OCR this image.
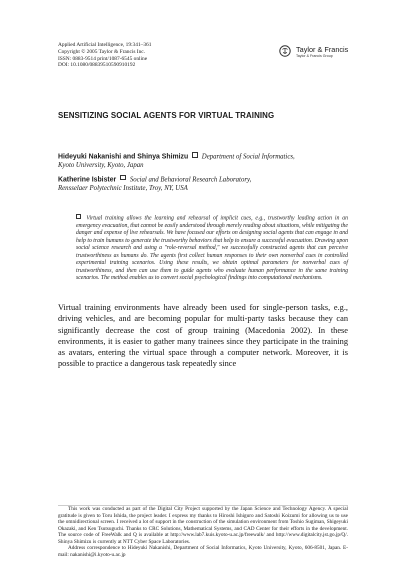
Applied Artificial Intelligence, 19:341–361
Copyright © 2005 Taylor & Francis Inc.
ISSN: 0883-9514 print/1087-6545 online
DOI: 10.1080/08839510590910192
Taylor & Francis
Taylor & Francis Group
SENSITIZING SOCIAL AGENTS FOR VIRTUAL TRAINING
Hideyuki Nakanishi and Shinya Shimizu Department of Social Informatics,
Kyoto University, Kyoto, Japan
Katherine Isbister Social and Behavioral Research Laboratory,
Rensselaer Polytechnic Institute, Troy, NY, USA
Virtual training allows the learning and rehearsal of implicit cues, e.g., trustworthy leading action in an emergency evacuation, that cannot be easily understood through merely reading about situations, while mitigating the danger and expense of live rehearsals. We have focused our efforts on designing social agents that can engage in and help to train humans to generate the trustworthy behaviors that help to ensure a successful evacuation. Drawing upon social science research and using a "role-reversal method," we successfully constructed agents that can perceive trustworthiness as humans do. The agents first collect human responses to their own nonverbal cues in controlled experimental training scenarios. Using these results, we obtain optimal parameters for nonverbal cues of trustworthiness, and then can use them to guide agents who evaluate human performance in the same training scenarios. The method enables us to convert social psychological findings into computational mechanisms.
Virtual training environments have already been used for single-person tasks, e.g., driving vehicles, and are becoming popular for multi-party tasks because they can significantly decrease the cost of group training (Macedonia 2002). In these environments, it is easier to gather many trainees since they participate in the training as avatars, entering the virtual space through a computer network. Moreover, it is possible to practice a dangerous task repeatedly since

This work was conducted as part of the Digital City Project supported by the Japan Science and Technology Agency. A special gratitude is given to Toru Ishida, the project leader. I express my thanks to Hiroshi Ishiguro and Satoshi Koizumi for allowing us to use the omnidirectional screen. I received a lot of support in the construction of the simulation environment from Toshio Sugiman, Shigeyuki Okazaki, and Ken Tsutsuguchi. Thanks to CRC Solutions, Mathematical Systems, and CAD Center for their efforts in the development. The source code of FreeWalk and Q is available at http://www.lab7.kuis.kyoto-u.ac.jp/freewalk/ and http://www.digitalcity.jst.go.jp/Q/. Shinya Shimizu is currently at NTT Cyber Space Laboratories.

Address correspondence to Hideyuki Nakanishi, Department of Social Informatics, Kyoto University, Kyoto, 606-8501, Japan. E-mail: nakanishi@i.kyoto-u.ac.jp
